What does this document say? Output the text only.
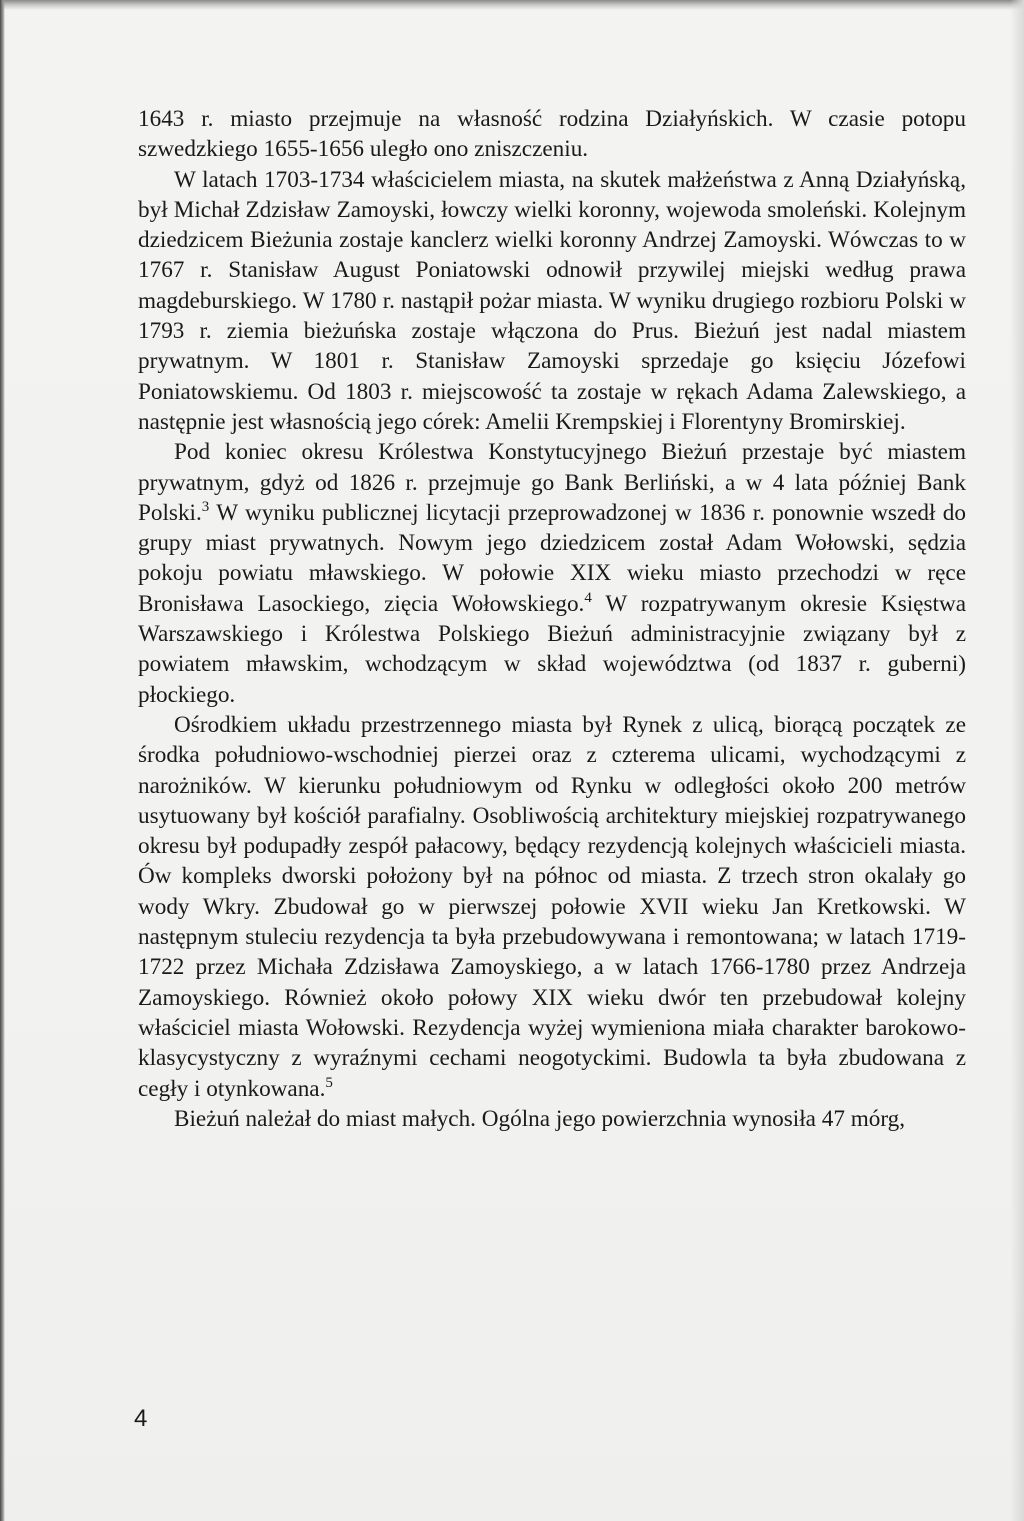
1643 r. miasto przejmuje na własność rodzina Działyńskich. W czasie potopu szwedzkiego 1655-1656 uległo ono zniszczeniu.

W latach 1703-1734 właścicielem miasta, na skutek małżeństwa z Anną Działyńską, był Michał Zdzisław Zamoyski, łowczy wielki koronny, wojewoda smoleński. Kolejnym dziedzicem Bieżunia zostaje kanclerz wielki koronny Andrzej Zamoyski. Wówczas to w 1767 r. Stanisław August Poniatowski odnowił przywilej miejski według prawa magdeburskiego. W 1780 r. nastąpił pożar miasta. W wyniku drugiego rozbioru Polski w 1793 r. ziemia bieżuńska zostaje włączona do Prus. Bieżuń jest nadal miastem prywatnym. W 1801 r. Stanisław Zamoyski sprzedaje go księciu Józefowi Poniatowskiemu. Od 1803 r. miejscowość ta zostaje w rękach Adama Zalewskiego, a następnie jest własnością jego córek: Amelii Krempskiej i Florentyny Bromirskiej.

Pod koniec okresu Królestwa Konstytucyjnego Bieżuń przestaje być miastem prywatnym, gdyż od 1826 r. przejmuje go Bank Berliński, a w 4 lata później Bank Polski.$^3$ W wyniku publicznej licytacji przeprowadzonej w 1836 r. ponownie wszedł do grupy miast prywatnych. Nowym jego dziedzicem został Adam Wołowski, sędzia pokoju powiatu mławskiego. W połowie XIX wieku miasto przechodzi w ręce Bronisława Lasockiego, zięcia Wołowskiego.$^4$ W rozpatrywanym okresie Księstwa Warszawskiego i Królestwa Polskiego Bieżuń administracyjnie związany był z powiatem mławskim, wchodzącym w skład województwa (od 1837 r. guberni) płockiego.

Ośrodkiem układu przestrzennego miasta był Rynek z ulicą, biorącą początek ze środka południowo-wschodniej pierzei oraz z czterema ulicami, wychodzącymi z narożników. W kierunku południowym od Rynku w odległości około 200 metrów usytuowany był kościół parafialny. Osobliwością architektury miejskiej rozpatrywanego okresu był podupadły zespół pałacowy, będący rezydencją kolejnych właścicieli miasta. Ów kompleks dworski położony był na północ od miasta. Z trzech stron okalały go wody Wkry. Zbudował go w pierwszej połowie XVII wieku Jan Kretkowski. W następnym stuleciu rezydencja ta była przebudowywana i remontowana; w latach 1719-1722 przez Michała Zdzisława Zamoyskiego, a w latach 1766-1780 przez Andrzeja Zamoyskiego. Również około połowy XIX wieku dwór ten przebudował kolejny właściciel miasta Wołowski. Rezydencja wyżej wymieniona miała charakter barokowo-klasycystyczny z wyraźnymi cechami neogotyckimi. Budowla ta była zbudowana z cegły i otynkowana.$^5$

Bieżuń należał do miast małych. Ogólna jego powierzchnia wynosiła 47 mórg,

4
